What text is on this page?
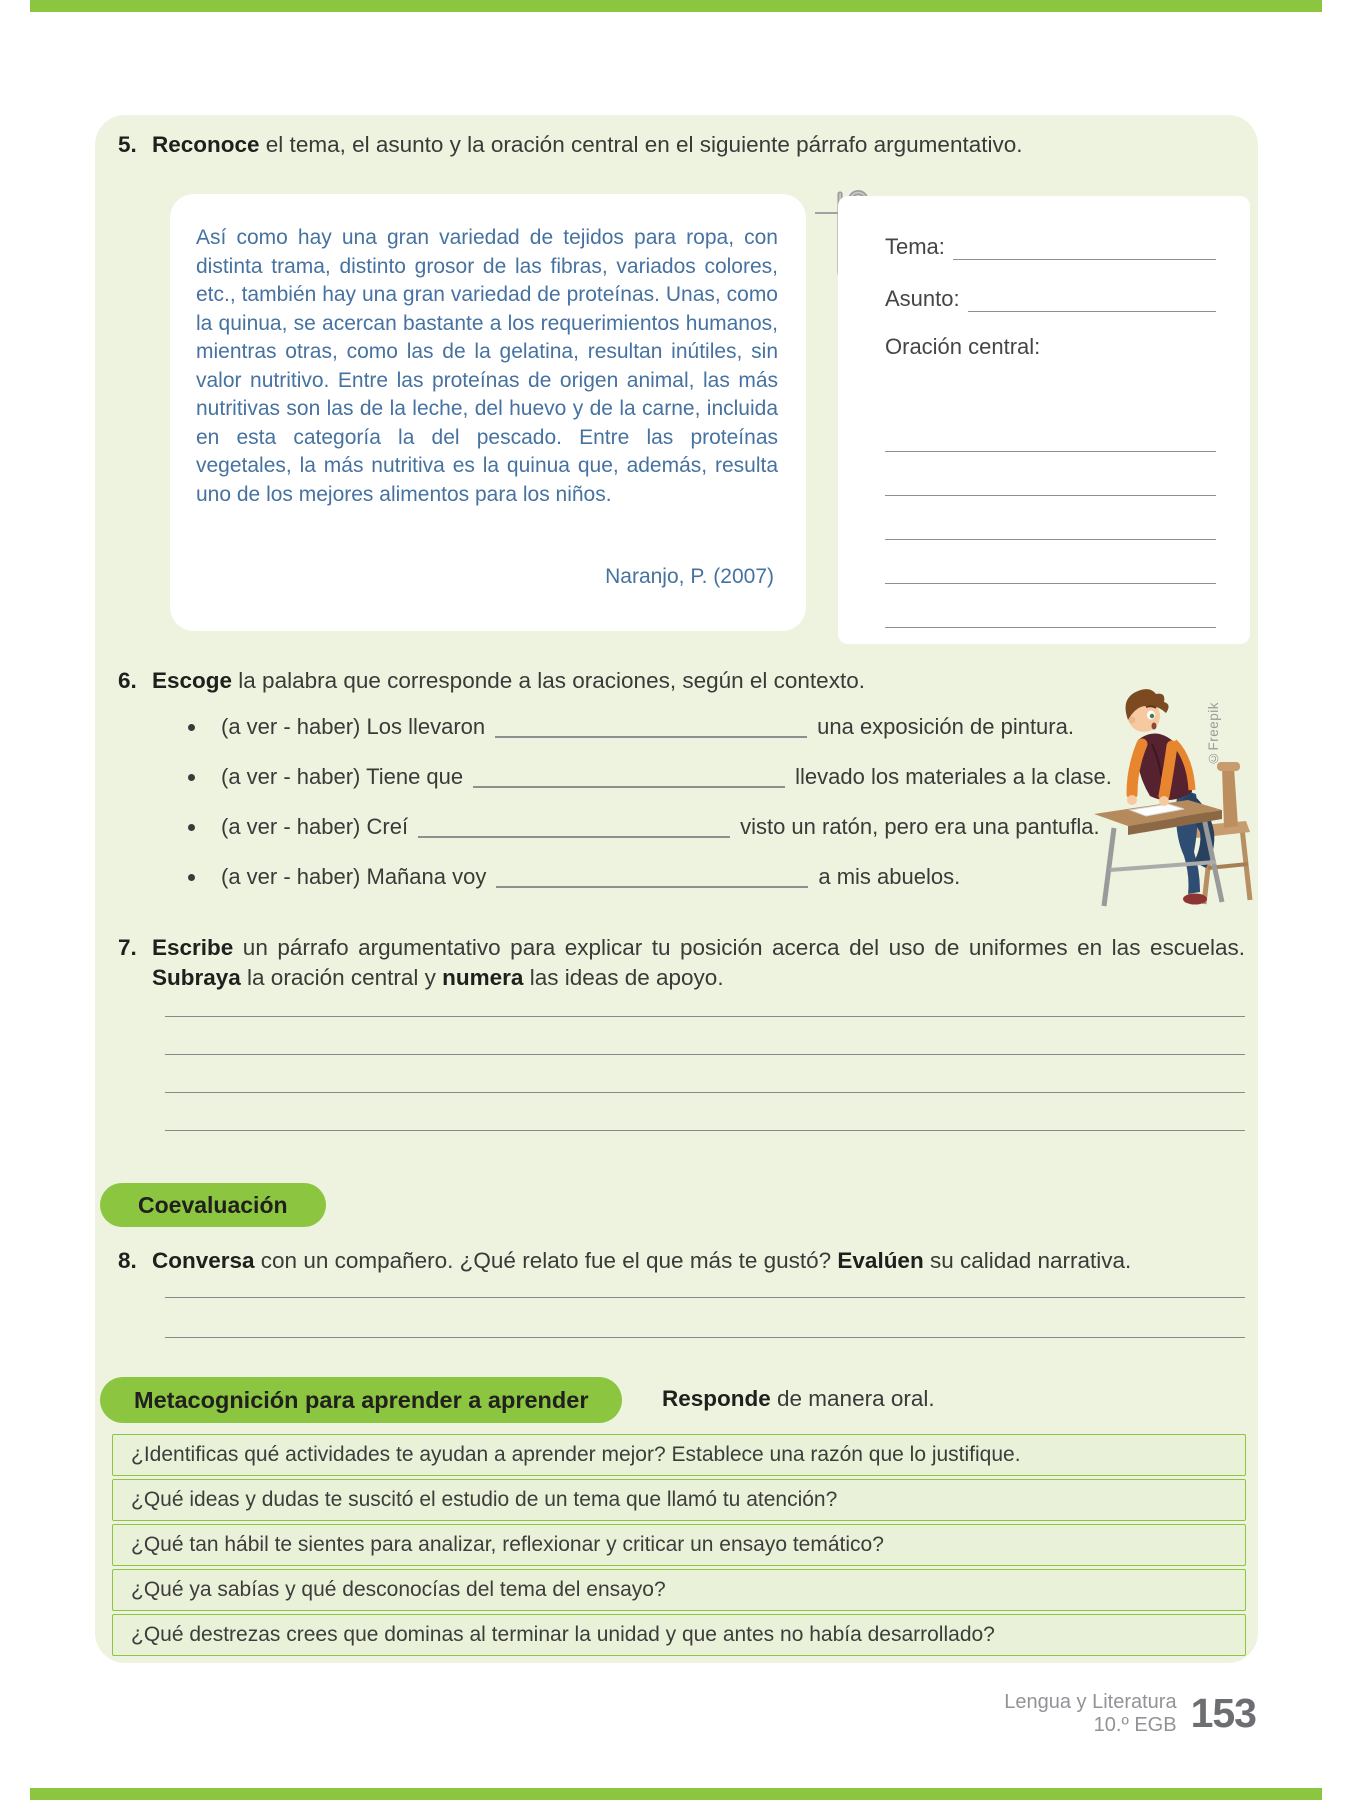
5. Reconoce el tema, el asunto y la oración central en el siguiente párrafo argumentativo.
Así como hay una gran variedad de tejidos para ropa, con distinta trama, distinto grosor de las fibras, variados colores, etc., también hay una gran variedad de proteínas. Unas, como la quinua, se acercan bastante a los requerimientos humanos, mientras otras, como las de la gelatina, resultan inútiles, sin valor nutritivo. Entre las proteínas de origen animal, las más nutritivas son las de la leche, del huevo y de la carne, incluida en esta categoría la del pescado. Entre las proteínas vegetales, la más nutritiva es la quinua que, además, resulta uno de los mejores alimentos para los niños.
Naranjo, P. (2007)
Tema:
Asunto:
Oración central:
6. Escoge la palabra que corresponde a las oraciones, según el contexto.
(a ver - haber) Los llevaron	una exposición de pintura.
(a ver - haber) Tiene que	llevado los materiales a la clase.
(a ver - haber) Creí	visto un ratón, pero era una pantufla.
(a ver - haber) Mañana voy	a mis abuelos.
P
©Freepik
7. Escribe un párrafo argumentativo para explicar tu posición acerca del uso de uniformes en las escuelas. Subraya la oración central y numera las ideas de apoyo.
Coevaluación
8. Conversa con un compañero. ¿Qué relato fue el que más te gustó? Evalúen su calidad narrativa.
Metacognición para aprender a aprender	Responde de manera oral.
¿Identificas qué actividades te ayudan a aprender mejor? Establece una razón que lo justifique.
¿Qué ideas y dudas te suscitó el estudio de un tema que llamó tu atención?
¿Qué tan hábil te sientes para analizar, reflexionar y criticar un ensayo temático?
¿Qué ya sabías y qué desconocías del tema del ensayo?
¿Qué destrezas crees que dominas al terminar la unidad y que antes no había desarrollado?
Lengua y Literatura
10.º EGB 153
